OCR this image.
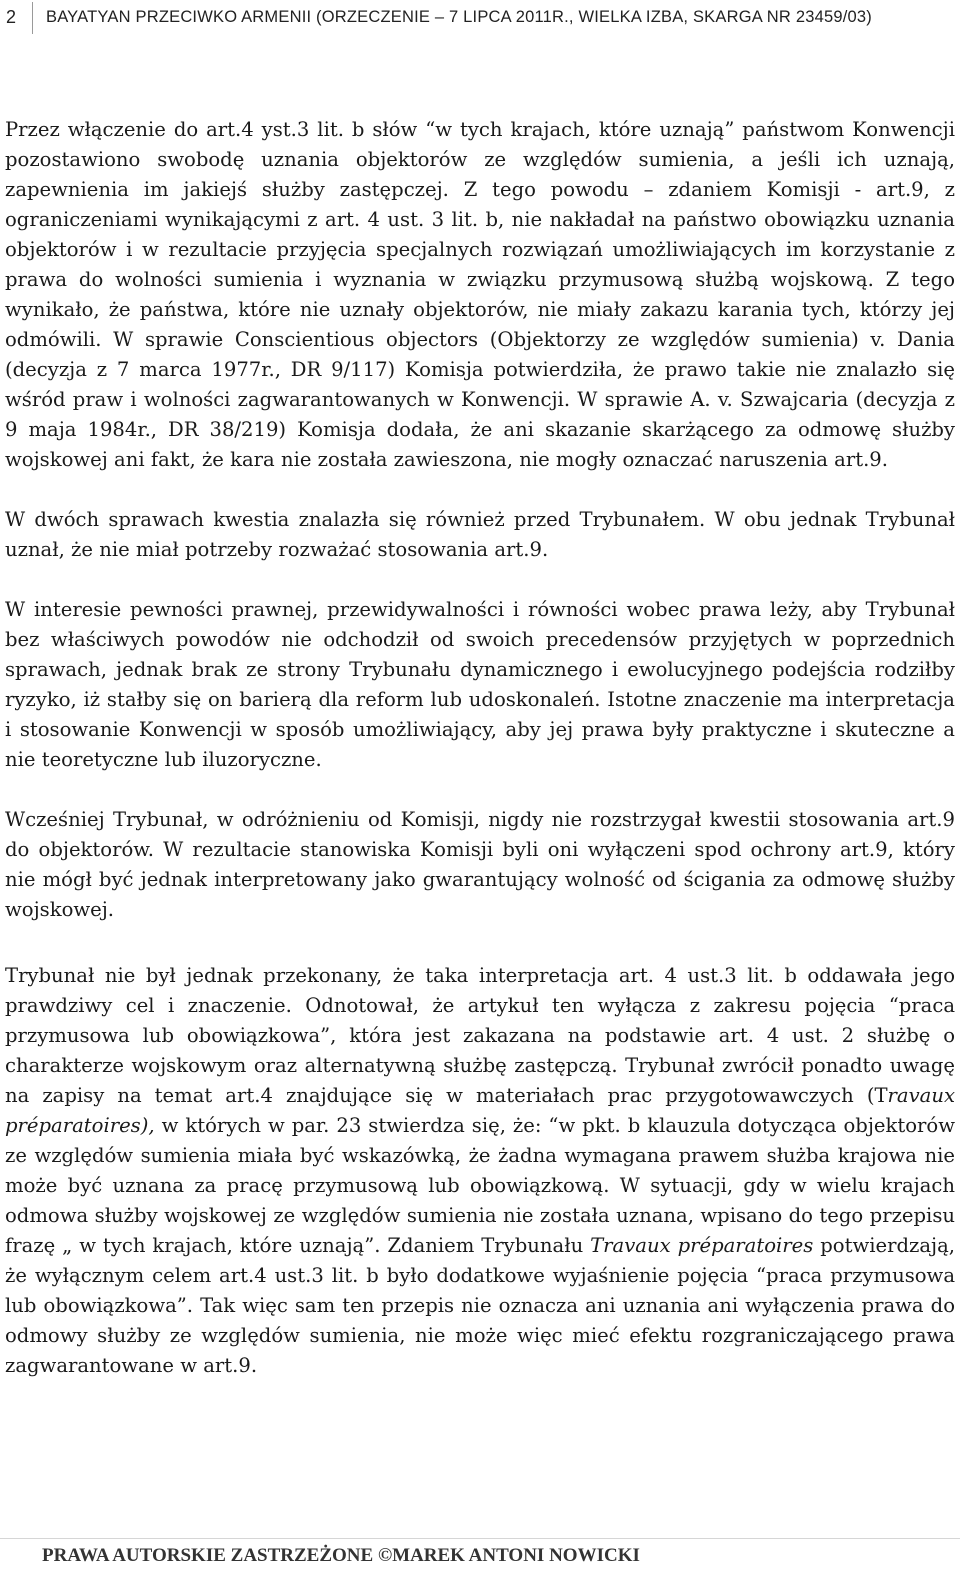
2 BAYATYAN PRZECIWKO ARMENII (ORZECZENIE – 7 LIPCA 2011R., WIELKA IZBA, SKARGA NR 23459/03)

Przez włączenie do art.4 yst.3 lit. b słów “w tych krajach, które uznają” państwom Konwencji pozostawiono swobodę uznania objektorów ze względów sumienia, a jeśli ich uznają, zapewnienia im jakiejś służby zastępczej. Z tego powodu – zdaniem Komisji - art.9, z ograniczeniami wynikającymi z art. 4 ust. 3 lit. b, nie nakładał na państwo obowiązku uznania objektorów i w rezultacie przyjęcia specjalnych rozwiązań umożliwiających im korzystanie z prawa do wolności sumienia i wyznania w związku przymusową służbą wojskową. Z tego wynikało, że państwa, które nie uznały objektorów, nie miały zakazu karania tych, którzy jej odmówili. W sprawie Conscientious objectors (Objektorzy ze względów sumienia) v. Dania (decyzja z 7 marca 1977r., DR 9/117) Komisja potwierdziła, że prawo takie nie znalazło się wśród praw i wolności zagwarantowanych w Konwencji. W sprawie A. v. Szwajcaria (decyzja z 9 maja 1984r., DR 38/219) Komisja dodała, że ani skazanie skarżącego za odmowę służby wojskowej ani fakt, że kara nie została zawieszona, nie mogły oznaczać naruszenia art.9.

W dwóch sprawach kwestia znalazła się również przed Trybunałem. W obu jednak Trybunał uznał, że nie miał potrzeby rozważać stosowania art.9.

W interesie pewności prawnej, przewidywalności i równości wobec prawa leży, aby Trybunał bez właściwych powodów nie odchodził od swoich precedensów przyjętych w poprzednich sprawach, jednak brak ze strony Trybunału dynamicznego i ewolucyjnego podejścia rodziłby ryzyko, iż stałby się on barierą dla reform lub udoskonaleń. Istotne znaczenie ma interpretacja i stosowanie Konwencji w sposób umożliwiający, aby jej prawa były praktyczne i skuteczne a nie teoretyczne lub iluzoryczne.

Wcześniej Trybunał, w odróżnieniu od Komisji, nigdy nie rozstrzygał kwestii stosowania art.9 do objektorów. W rezultacie stanowiska Komisji byli oni wyłączeni spod ochrony art.9, który nie mógł być jednak interpretowany jako gwarantujący wolność od ścigania za odmowę służby wojskowej.

Trybunał nie był jednak przekonany, że taka interpretacja art. 4 ust.3 lit. b oddawała jego prawdziwy cel i znaczenie. Odnotował, że artykuł ten wyłącza z zakresu pojęcia “praca przymusowa lub obowiązkowa”, która jest zakazana na podstawie art. 4 ust. 2 służbę o charakterze wojskowym oraz alternatywną służbę zastępczą. Trybunał zwrócił ponadto uwagę na zapisy na temat art.4 znajdujące się w materiałach prac przygotowawczych (Travaux préparatoires), w których w par. 23 stwierdza się, że: “w pkt. b klauzula dotycząca objektorów ze względów sumienia miała być wskazówką, że żadna wymagana prawem służba krajowa nie może być uznana za pracę przymusową lub obowiązkową. W sytuacji, gdy w wielu krajach odmowa służby wojskowej ze względów sumienia nie została uznana, wpisano do tego przepisu frazę „ w tych krajach, które uznają”. Zdaniem Trybunału Travaux préparatoires potwierdzają, że wyłącznym celem art.4 ust.3 lit. b było dodatkowe wyjaśnienie pojęcia “praca przymusowa lub obowiązkowa”. Tak więc sam ten przepis nie oznacza ani uznania ani wyłączenia prawa do odmowy służby ze względów sumienia, nie może więc mieć efektu rozgraniczającego prawa zagwarantowane w art.9.

PRAWA AUTORSKIE ZASTRZEŻONE ©MAREK ANTONI NOWICKI
